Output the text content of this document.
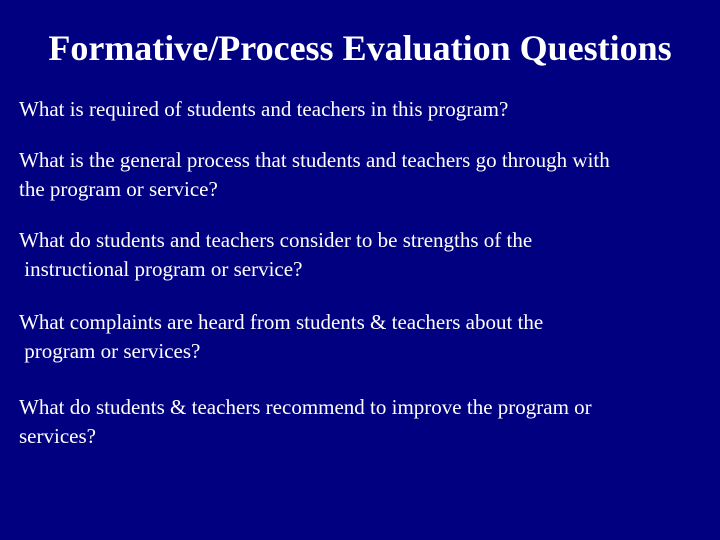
Formative/Process Evaluation Questions
What is required of students and teachers in this program?
What is the general process that students and teachers go through with
the program or service?
What do students and teachers consider to be strengths of the
instructional program or service?
What complaints are heard from students & teachers about the
program or services?
What do students & teachers recommend to improve the program or
services?
